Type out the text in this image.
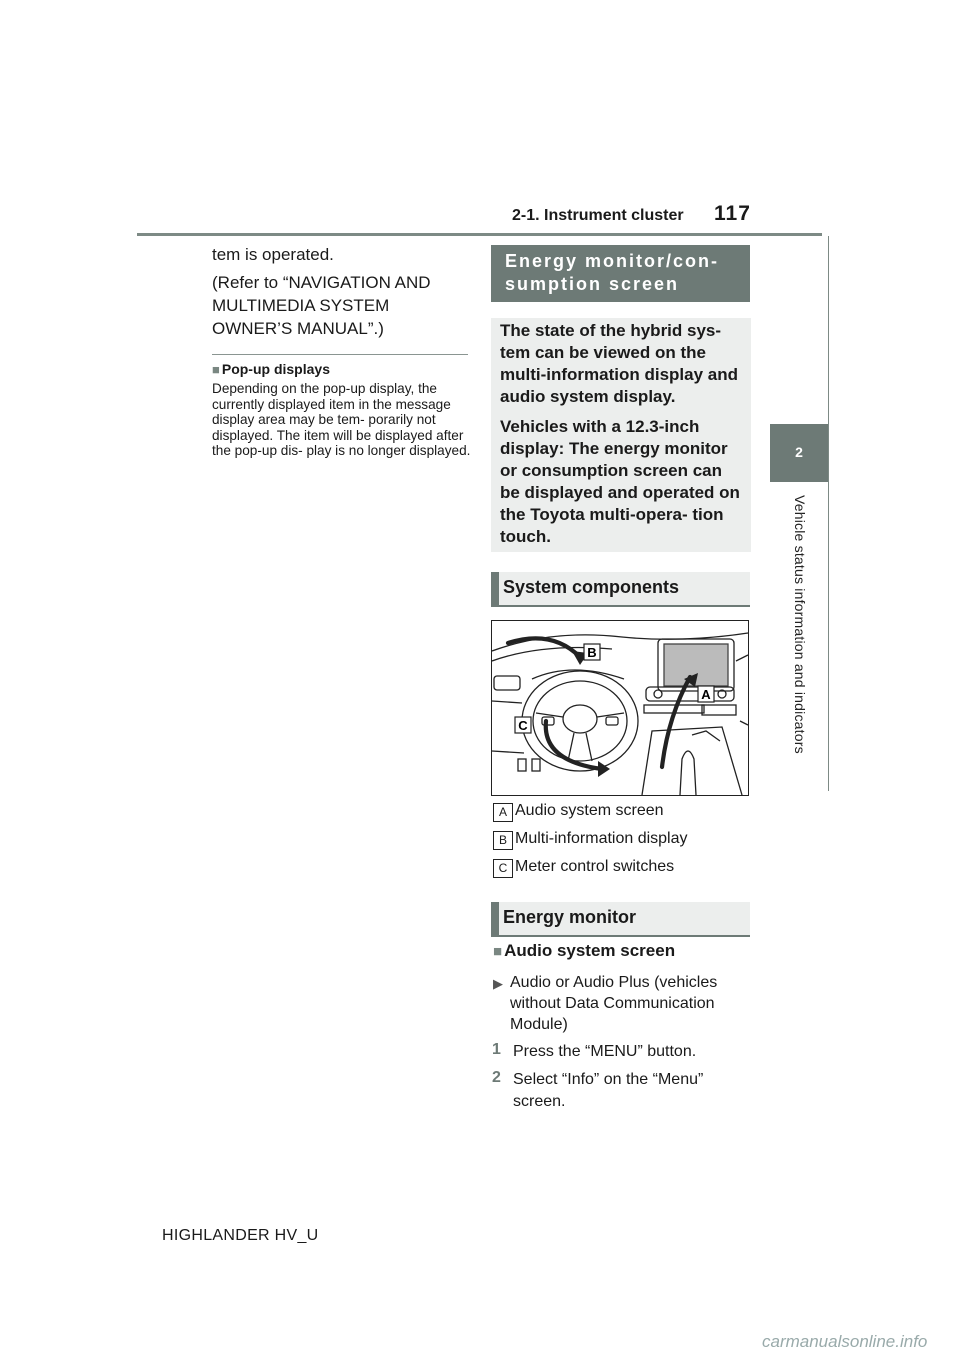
2-1. Instrument cluster 117
2
Vehicle status information and indicators
tem is operated.
(Refer to “NAVIGATION AND MULTIMEDIA SYSTEM OWNER’S MANUAL”.)
■ Pop-up displays
Depending on the pop-up display, the currently displayed item in the message display area may be tem- porarily not displayed. The item will be displayed after the pop-up dis- play is no longer displayed.
Energy monitor/con- sumption screen
The state of the hybrid sys- tem can be viewed on the multi-information display and audio system display.
Vehicles with a 12.3-inch display: The energy monitor or consumption screen can be displayed and operated on the Toyota multi-opera- tion touch.
System components
B
A
C
A Audio system screen
B Multi-information display
C Meter control switches
Energy monitor
■ Audio system screen
▶ Audio or Audio Plus (vehicles without Data Communication Module)
1 Press the “MENU” button.
2 Select “Info” on the “Menu” screen.
HIGHLANDER HV_U
carmanualsonline.info
